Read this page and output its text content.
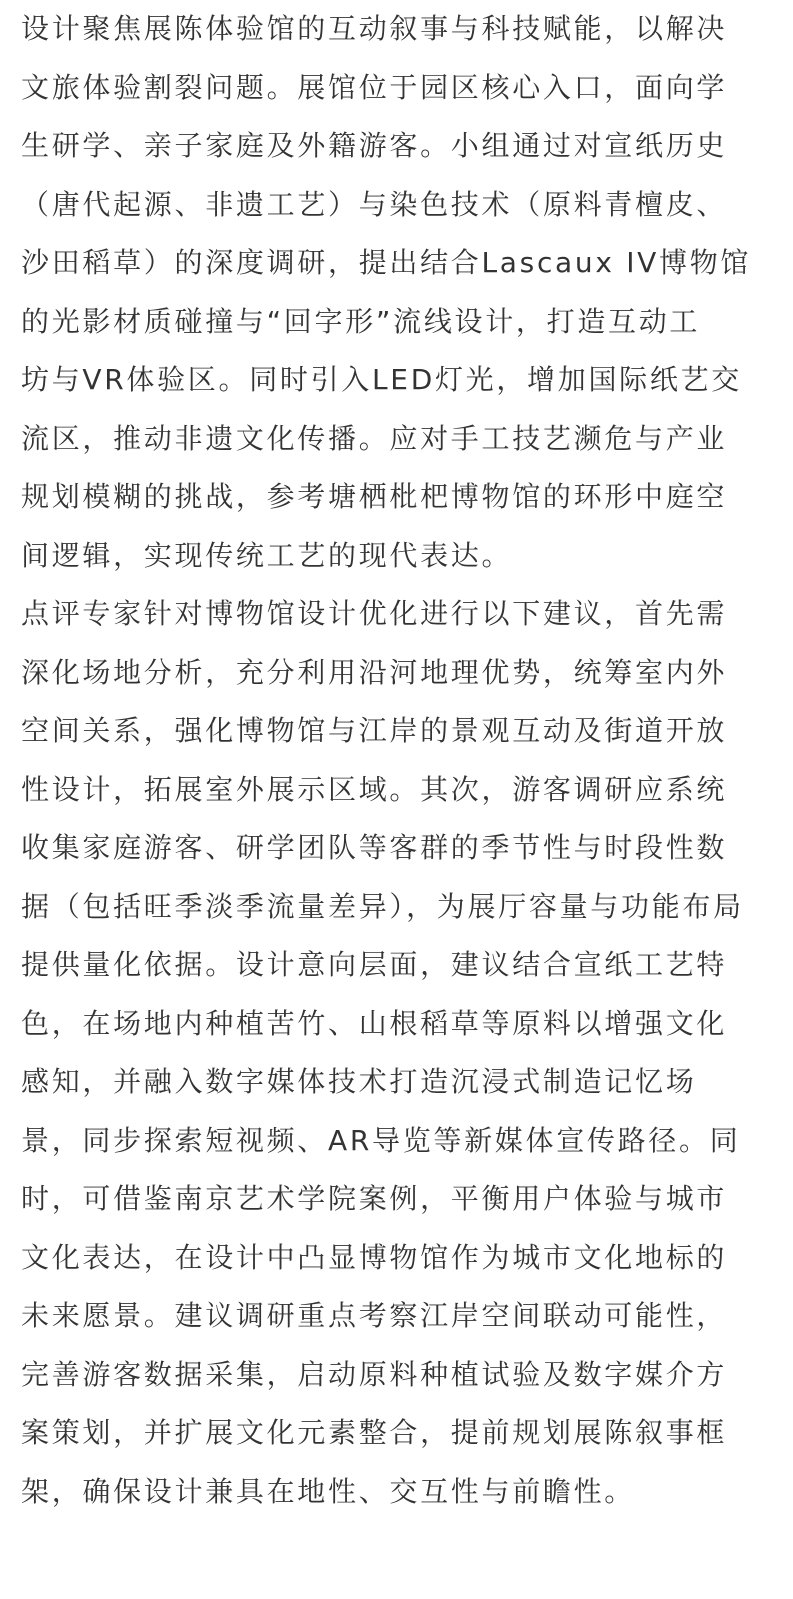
设计聚焦展陈体验馆的互动叙事与科技赋能，以解决
文旅体验割裂问题。展馆位于园区核心入口，面向学
生研学、亲子家庭及外籍游客。小组通过对宣纸历史
（唐代起源、非遗工艺）与染色技术（原料青檀皮、
沙田稻草）的深度调研，提出结合Lascaux IV博物馆
的光影材质碰撞与“回字形”流线设计，打造互动工
坊与VR体验区。同时引入LED灯光，增加国际纸艺交
流区，推动非遗文化传播。应对手工技艺濒危与产业
规划模糊的挑战，参考塘栖枇杷博物馆的环形中庭空
间逻辑，实现传统工艺的现代表达。

点评专家针对博物馆设计优化进行以下建议，首先需
深化场地分析，充分利用沿河地理优势，统筹室内外
空间关系，强化博物馆与江岸的景观互动及街道开放
性设计，拓展室外展示区域。其次，游客调研应系统
收集家庭游客、研学团队等客群的季节性与时段性数
据（包括旺季淡季流量差异），为展厅容量与功能布局
提供量化依据。设计意向层面，建议结合宣纸工艺特
色，在场地内种植苦竹、山根稻草等原料以增强文化
感知，并融入数字媒体技术打造沉浸式制造记忆场
景，同步探索短视频、AR导览等新媒体宣传路径。同
时，可借鉴南京艺术学院案例，平衡用户体验与城市
文化表达，在设计中凸显博物馆作为城市文化地标的
未来愿景。建议调研重点考察江岸空间联动可能性，
完善游客数据采集，启动原料种植试验及数字媒介方
案策划，并扩展文化元素整合，提前规划展陈叙事框
架，确保设计兼具在地性、交互性与前瞻性。
